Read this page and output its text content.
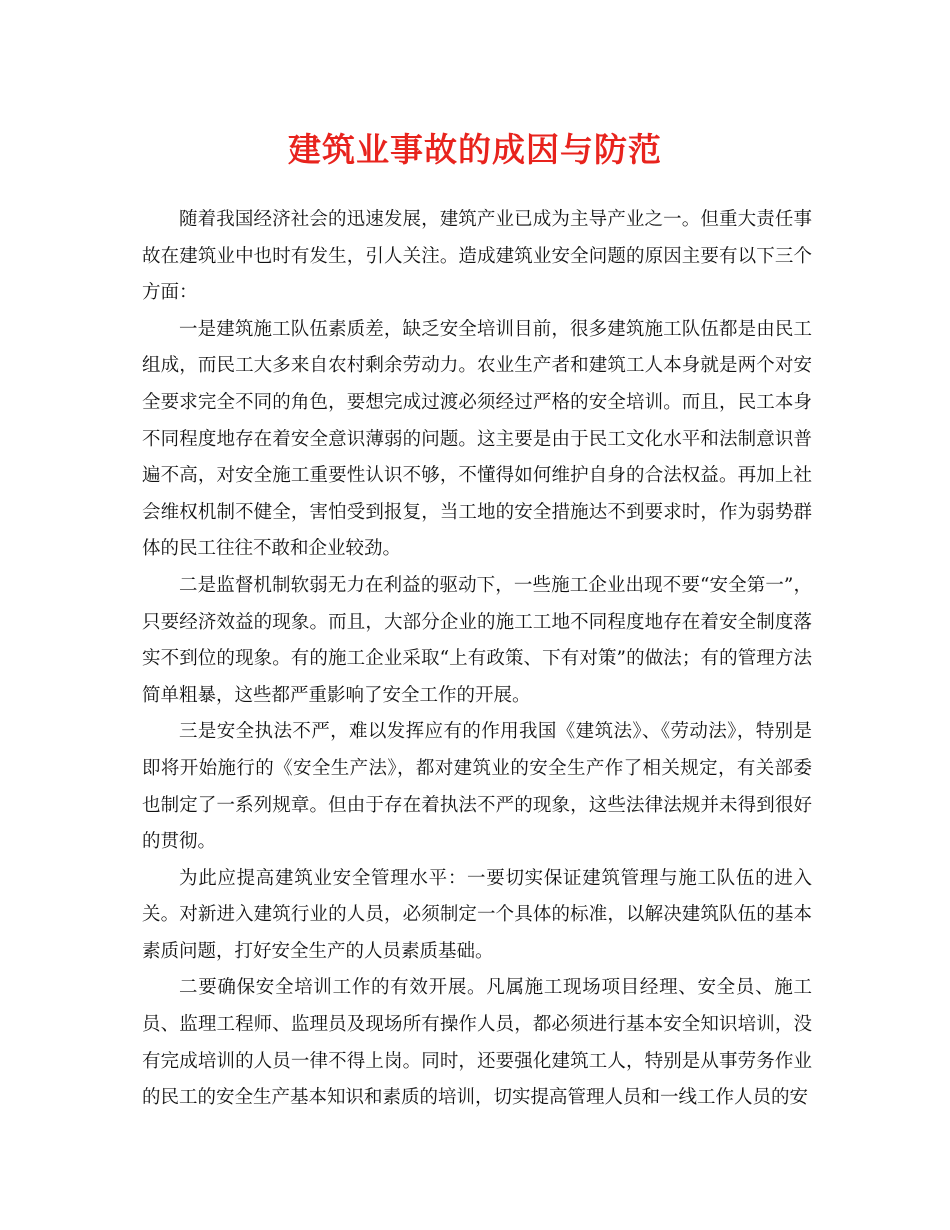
建筑业事故的成因与防范

随着我国经济社会的迅速发展，建筑产业已成为主导产业之一。但重大责任事故在建筑业中也时有发生，引人关注。造成建筑业安全问题的原因主要有以下三个方面：

一是建筑施工队伍素质差，缺乏安全培训目前，很多建筑施工队伍都是由民工组成，而民工大多来自农村剩余劳动力。农业生产者和建筑工人本身就是两个对安全要求完全不同的角色，要想完成过渡必须经过严格的安全培训。而且，民工本身不同程度地存在着安全意识薄弱的问题。这主要是由于民工文化水平和法制意识普遍不高，对安全施工重要性认识不够，不懂得如何维护自身的合法权益。再加上社会维权机制不健全，害怕受到报复，当工地的安全措施达不到要求时，作为弱势群体的民工往往不敢和企业较劲。

二是监督机制软弱无力在利益的驱动下，一些施工企业出现不要“安全第一”，只要经济效益的现象。而且，大部分企业的施工工地不同程度地存在着安全制度落实不到位的现象。有的施工企业采取“上有政策、下有对策”的做法；有的管理方法简单粗暴，这些都严重影响了安全工作的开展。

三是安全执法不严，难以发挥应有的作用我国《建筑法》、《劳动法》，特别是即将开始施行的《安全生产法》，都对建筑业的安全生产作了相关规定，有关部委也制定了一系列规章。但由于存在着执法不严的现象，这些法律法规并未得到很好的贯彻。

为此应提高建筑业安全管理水平：一要切实保证建筑管理与施工队伍的进入关。对新进入建筑行业的人员，必须制定一个具体的标准，以解决建筑队伍的基本素质问题，打好安全生产的人员素质基础。

二要确保安全培训工作的有效开展。凡属施工现场项目经理、安全员、施工员、监理工程师、监理员及现场所有操作人员，都必须进行基本安全知识培训，没有完成培训的人员一律不得上岗。同时，还要强化建筑工人，特别是从事劳务作业的民工的安全生产基本知识和素质的培训，切实提高管理人员和一线工作人员的安
